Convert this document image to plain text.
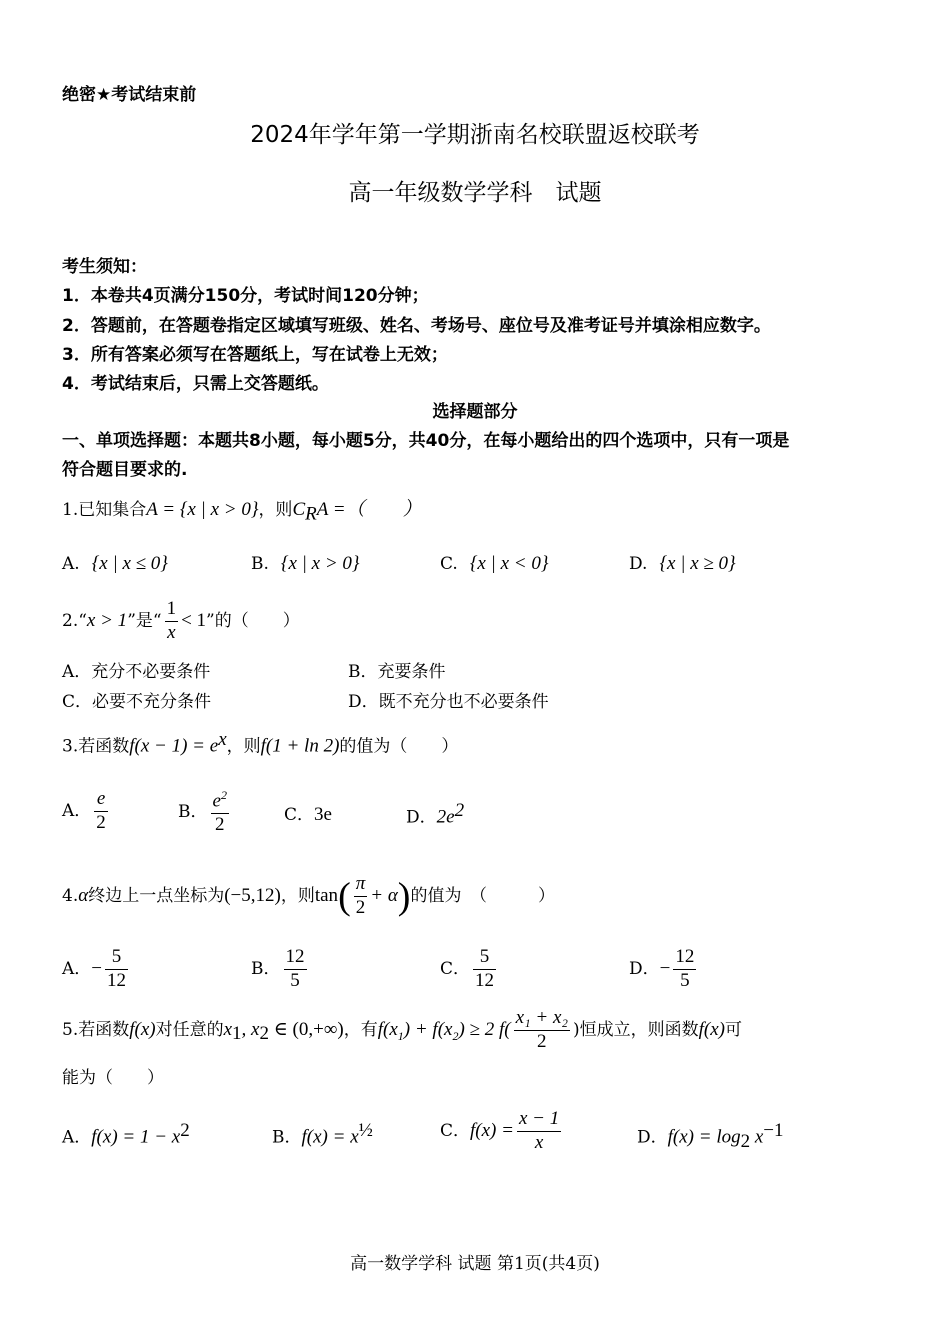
绝密★考试结束前
2024年学年第一学期浙南名校联盟返校联考
高一年级数学学科　试题
考生须知：
1．本卷共4页满分150分，考试时间120分钟；
2．答题前，在答题卷指定区域填写班级、姓名、考场号、座位号及准考证号并填涂相应数字。
3．所有答案必须写在答题纸上，写在试卷上无效；
4．考试结束后，只需上交答题纸。
选择题部分
一、单项选择题：本题共8小题，每小题5分，共40分，在每小题给出的四个选项中，只有一项是
符合题目要求的.
1.已知集合A = {x | x > 0}，则$C_RA$ =（　　）
A. {x | x ≤ 0}	B. {x | x > 0}	C. {x | x < 0}	D. {x | x ≥ 0}
2.“x > 1”是“ $\frac{1}{x} < 1$”的（　　）
A．充分不必要条件	B．充要条件
C．必要不充分条件	D．既不充分也不必要条件
3.若函数$f(x - 1) = e^x$，则f(1 + ln 2)的值为（　　）
A． $\frac{e}{2}$	B． $\frac{e^2}{2}$	C．3e	D．$2e^2$
4.α终边上一点坐标为(−5,12)，则$\tan( \frac{\pi}{2} + \alpha)$的值为　（　　　）
A．− $\frac{5}{12}$	B． $\frac{12}{5}$	C． $\frac{5}{12}$	D．− $\frac{12}{5}$
5.若函数f(x)对任意的$x_1$, $x_2$ ∈ (0,+∞)，有$f(x_1) + f(x_2) \ge 2$ $f( \frac{\text{x₁ + x₂}}{2}$ )恒成立，则函数f(x)可
能为（　　）
A．$f(x) = 1 - x^2$	B．$f(x) = x^{\frac{1}{2}}$	C．$f(x) = \frac{x - 1}{x}$	D．$f(x) = \log_2 x^{-1}$
高一数学学科 试题 第1页(共4页)
